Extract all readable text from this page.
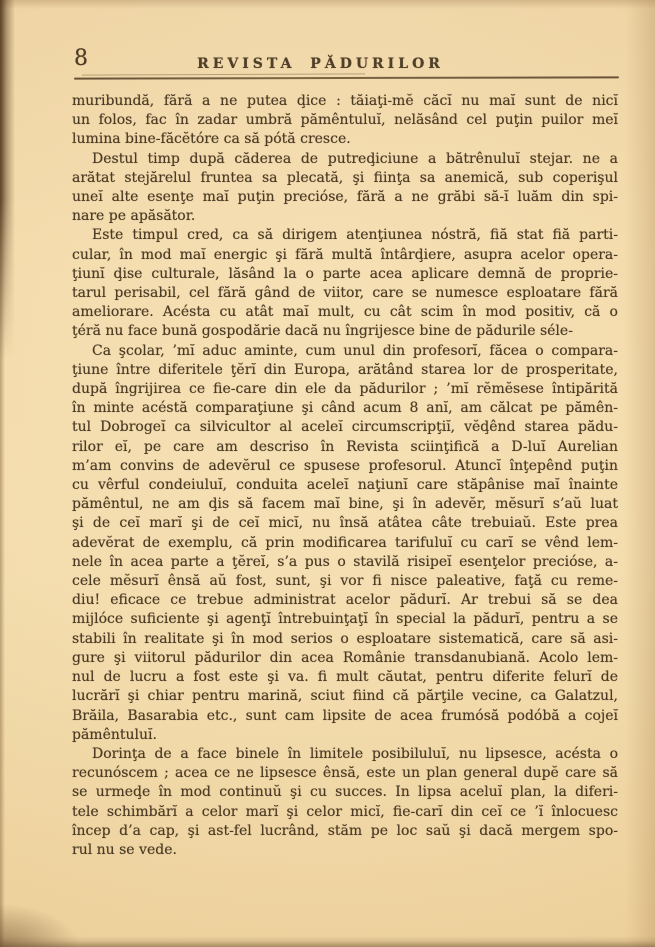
8	REVISTA PĂDURILOR
muribundă, fără a ne putea ḑice : tăiaţi-mĕ căcĭ nu maĭ sunt de nicĭ
un folos, fac în zadar umbră pămêntuluĭ, nelăsând cel puţin puilor meĭ
lumina bine-făcĕtóre ca să pótă cresce.
Destul timp după căderea de putreḑiciune a bătrênuluĭ stejar. ne a
arătat stejărelul fruntea sa plecată, şi fiinţa sa anemică, sub coperişul
uneĭ alte esenţe maĭ puţin precióse, fără a ne grăbi să-ĭ luăm din spi-
nare pe apăsător.
Este timpul cred, ca să dirigem atenţiunea nóstră, fiă stat fiă parti-
cular, în mod maĭ energic şi fără multă întârḑiere, asupra acelor opera-
ţiunĭ ḑise culturale, lăsând la o parte acea aplicare demnă de proprie-
tarul perisabil, cel fără gând de viitor, care se numesce esploatare fără
ameliorare. Acésta cu atât maĭ mult, cu cât scim în mod positiv, că o
ţéră nu face bună gospodărie dacă nu îngrijesce bine de pădurile séle-
Ca şcolar, ’mĭ aduc aminte, cum unul din profesorĭ, făcea o compara-
ţiune între diferitele ţĕrĭ din Europa, arătând starea lor de prosperitate,
după îngrijirea ce fie-care din ele da pădurilor ; ’mĭ rĕmĕsese întipărită
în minte acéstă comparaţiune şi când acum 8 anĭ, am călcat pe pămên-
tul Dobrogeĭ ca silvicultor al aceleĭ circumscripţiĭ, vĕḑênd starea pădu-
rilor eĭ, pe care am descriso în Revista sciinţifică a D-luĭ Aurelian
m’am convins de adevĕrul ce spusese profesorul. Atuncĭ înţepênd puţin
cu vêrful condeiuluĭ, conduita aceleĭ naţiunĭ care stăpânise maĭ înainte
pămêntul, ne am ḑis să facem maĭ bine, şi în adevĕr, mĕsurĭ s’aŭ luat
şi de ceĭ marĭ şi de ceĭ micĭ, nu însă atâtea câte trebuiaŭ. Este prea
adevĕrat de exemplu, că prin modificarea tarifuluĭ cu carĭ se vênd lem-
nele în acea parte a ţĕreĭ, s’a pus o stavilă risipeĭ esenţelor precióse, a-
cele mĕsurĭ ênsă aŭ fost, sunt, şi vor fi nisce paleative, faţă cu reme-
diu! eficace ce trebue administrat acelor pădurĭ. Ar trebui să se dea
mijlóce suficiente şi agenţĭ întrebuinţaţĭ în special la pădurĭ, pentru a se
stabili în realitate şi în mod serios o esploatare sistematică, care să asi-
gure şi viitorul pădurilor din acea Românie transdanubiană. Acolo lem-
nul de lucru a fost este şi va. fi mult căutat, pentru diferite felurĭ de
lucrărĭ şi chiar pentru marină, sciut fiind că părţile vecine, ca Galatzul,
Brăila, Basarabia etc., sunt cam lipsite de acea frumósă podóbă a cojeĭ
pămêntuluĭ.
Dorinţa de a face binele în limitele posibiluluĭ, nu lipsesce, acésta o
recunóscem ; acea ce ne lipsesce ênsă, este un plan general dupĕ care să
se urmeḑe în mod continuŭ şi cu succes. In lipsa aceluĭ plan, la diferi-
tele schimbărĭ a celor marĭ şi celor micĭ, fie-carĭ din ceĭ ce ’ĭ înlocuesc
încep d’a cap, şi ast-fel lucrând, stăm pe loc saŭ şi dacă mergem spo-
rul nu se vede.
